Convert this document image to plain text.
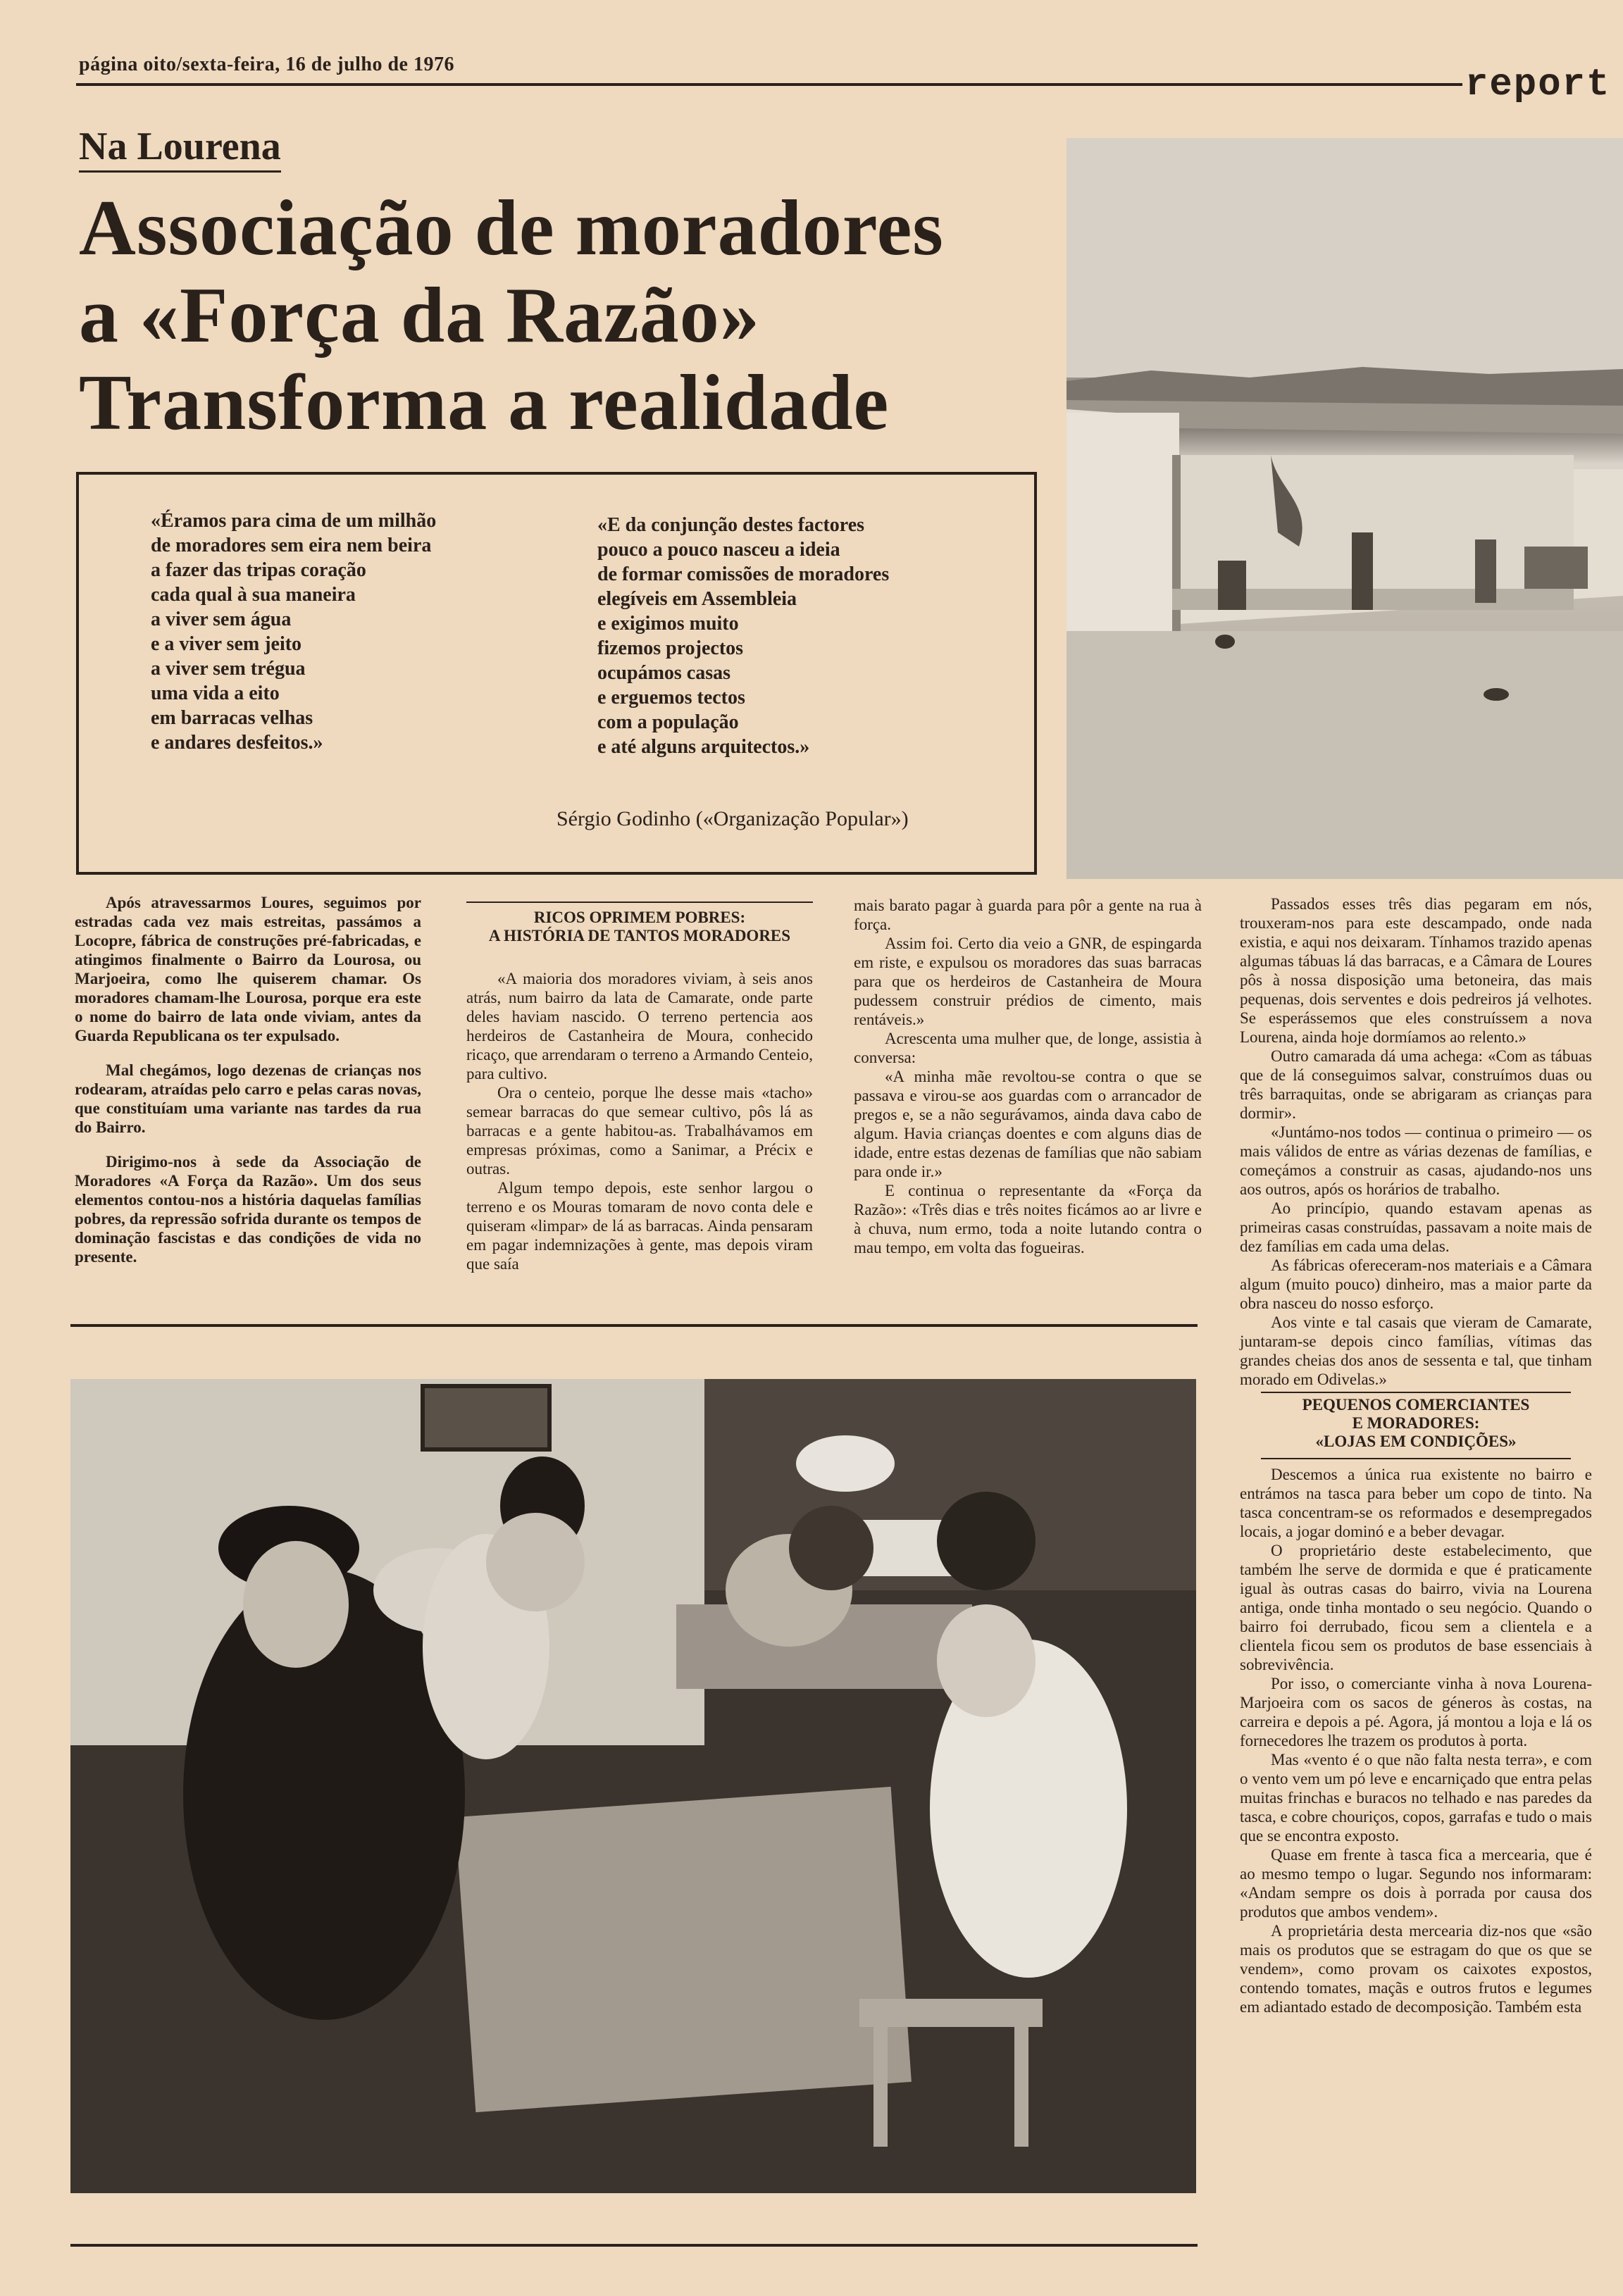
página oito/sexta-feira, 16 de julho de 1976	report
Na Lourena
Associação de moradores
a «Força da Razão»
Transforma a realidade
«Éramos para cima de um milhão
de moradores sem eira nem beira
a fazer das tripas coração
cada qual à sua maneira
a viver sem água
e a viver sem jeito
a viver sem trégua
uma vida a eito
em barracas velhas
e andares desfeitos.»
«E da conjunção destes factores
pouco a pouco nasceu a ideia
de formar comissões de moradores
elegíveis em Assembleia
e exigimos muito
fizemos projectos
ocupámos casas
e erguemos tectos
com a população
e até alguns arquitectos.»
Sérgio Godinho («Organização Popular»)

Após atravessarmos Loures, seguimos por estradas cada vez mais estreitas, passámos a Locopre, fábrica de construções pré-fabricadas, e atingimos finalmente o Bairro da Lourosa, ou Marjoeira, como lhe quiserem chamar. Os moradores chamam-lhe Lourosa, porque era este o nome do bairro de lata onde viviam, antes da Guarda Republicana os ter expulsado.

Mal chegámos, logo dezenas de crianças nos rodearam, atraídas pelo carro e pelas caras novas, que constituíam uma variante nas tardes da rua do Bairro.

Dirigimo-nos à sede da Associação de Moradores «A Força da Razão». Um dos seus elementos contou-nos a história daquelas famílias pobres, da repressão sofrida durante os tempos de dominação fascistas e das condições de vida no presente.

RICOS OPRIMEM POBRES:
A HISTÓRIA DE TANTOS MORADORES

«A maioria dos moradores viviam, à seis anos atrás, num bairro da lata de Camarate, onde parte deles haviam nascido. O terreno pertencia aos herdeiros de Castanheira de Moura, conhecido ricaço, que arrendaram o terreno a Armando Centeio, para cultivo.

Ora o centeio, porque lhe desse mais «tacho» semear barracas do que semear cultivo, pôs lá as barracas e a gente habitou-as. Trabalhávamos em empresas próximas, como a Sanimar, a Précix e outras.

Algum tempo depois, este senhor largou o terreno e os Mouras tomaram de novo conta dele e quiseram «limpar» de lá as barracas. Ainda pensaram em pagar indemnizações à gente, mas depois viram que saía

mais barato pagar à guarda para pôr a gente na rua à força.

Assim foi. Certo dia veio a GNR, de espingarda em riste, e expulsou os moradores das suas barracas para que os herdeiros de Castanheira de Moura pudessem construir prédios de cimento, mais rentáveis.»

Acrescenta uma mulher que, de longe, assistia à conversa:

«A minha mãe revoltou-se contra o que se passava e virou-se aos guardas com o arrancador de pregos e, se a não segurávamos, ainda dava cabo de algum. Havia crianças doentes e com alguns dias de idade, entre estas dezenas de famílias que não sabiam para onde ir.»

E continua o representante da «Força da Razão»: «Três dias e três noites ficámos ao ar livre e à chuva, num ermo, toda a noite lutando contra o mau tempo, em volta das fogueiras.

Passados esses três dias pegaram em nós, trouxeram-nos para este descampado, onde nada existia, e aqui nos deixaram. Tínhamos trazido apenas algumas tábuas lá das barracas, e a Câmara de Loures pôs à nossa disposição uma betoneira, das mais pequenas, dois serventes e dois pedreiros já velhotes. Se esperássemos que eles construíssem a nova Lourena, ainda hoje dormíamos ao relento.»

Outro camarada dá uma achega: «Com as tábuas que de lá conseguimos salvar, construímos duas ou três barraquitas, onde se abrigaram as crianças para dormir».

«Juntámo-nos todos — continua o primeiro — os mais válidos de entre as várias dezenas de famílias, e começámos a construir as casas, ajudando-nos uns aos outros, após os horários de trabalho.

Ao princípio, quando estavam apenas as primeiras casas construídas, passavam a noite mais de dez famílias em cada uma delas.

As fábricas ofereceram-nos materiais e a Câmara algum (muito pouco) dinheiro, mas a maior parte da obra nasceu do nosso esforço.

Aos vinte e tal casais que vieram de Camarate, juntaram-se depois cinco famílias, vítimas das grandes cheias dos anos de sessenta e tal, que tinham morado em Odivelas.»

PEQUENOS COMERCIANTES
E MORADORES:
«LOJAS EM CONDIÇÕES»

Descemos a única rua existente no bairro e entrámos na tasca para beber um copo de tinto. Na tasca concentram-se os reformados e desempregados locais, a jogar dominó e a beber devagar.

O proprietário deste estabelecimento, que também lhe serve de dormida e que é praticamente igual às outras casas do bairro, vivia na Lourena antiga, onde tinha montado o seu negócio. Quando o bairro foi derrubado, ficou sem a clientela e a clientela ficou sem os produtos de base essenciais à sobrevivência.

Por isso, o comerciante vinha à nova Lourena-Marjoeira com os sacos de géneros às costas, na carreira e depois a pé. Agora, já montou a loja e lá os fornecedores lhe trazem os produtos à porta.

Mas «vento é o que não falta nesta terra», e com o vento vem um pó leve e encarniçado que entra pelas muitas frinchas e buracos no telhado e nas paredes da tasca, e cobre chouriços, copos, garrafas e tudo o mais que se encontra exposto.

Quase em frente à tasca fica a mercearia, que é ao mesmo tempo o lugar. Segundo nos informaram: «Andam sempre os dois à porrada por causa dos produtos que ambos vendem».

A proprietária desta mercearia diz-nos que «são mais os produtos que se estragam do que os que se vendem», como provam os caixotes expostos, contendo tomates, maçãs e outros frutos e legumes em adiantado estado de decomposição. Também esta
